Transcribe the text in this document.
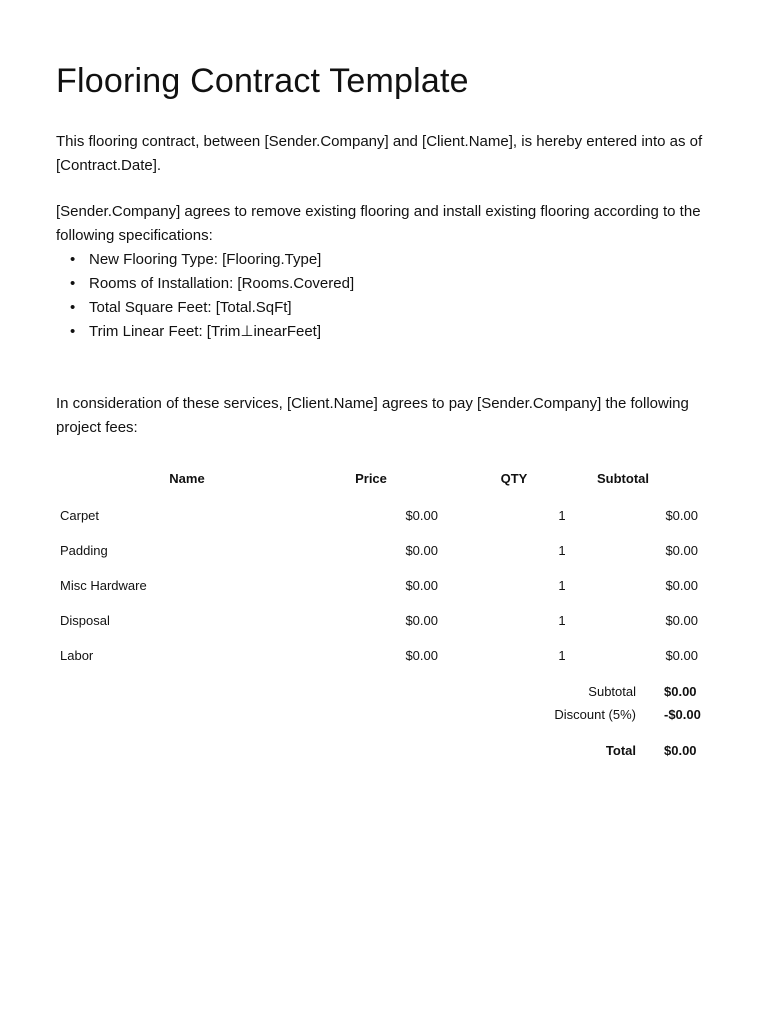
Flooring Contract Template

This flooring contract, between [Sender.Company] and [Client.Name], is hereby entered into as of [Contract.Date].

[Sender.Company] agrees to remove existing flooring and install existing flooring according to the following specifications:

• New Flooring Type: [Flooring.Type]
• Rooms of Installation: [Rooms.Covered]
• Total Square Feet: [Total.SqFt]
• Trim Linear Feet: [Trim⊥inearFeet]

In consideration of these services, [Client.Name] agrees to pay [Sender.Company] the following project fees:

Name	Price	QTY	Subtotal
Carpet	$0.00	1	$0.00
Padding	$0.00	1	$0.00
Misc Hardware	$0.00	1	$0.00
Disposal	$0.00	1	$0.00
Labor	$0.00	1	$0.00
Subtotal $0.00
Discount (5%) -$0.00
Total $0.00
